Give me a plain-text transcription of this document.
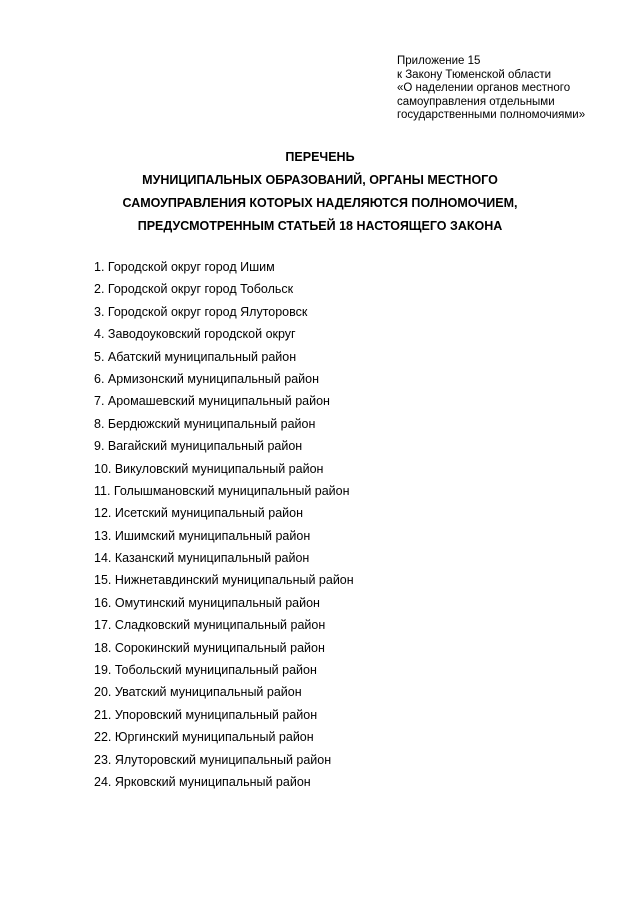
Приложение 15
к Закону Тюменской области
«О наделении органов местного
самоуправления отдельными
государственными полномочиями»
ПЕРЕЧЕНЬ
МУНИЦИПАЛЬНЫХ ОБРАЗОВАНИЙ, ОРГАНЫ МЕСТНОГО
САМОУПРАВЛЕНИЯ КОТОРЫХ НАДЕЛЯЮТСЯ ПОЛНОМОЧИЕМ,
ПРЕДУСМОТРЕННЫМ СТАТЬЕЙ 18 НАСТОЯЩЕГО ЗАКОНА
1. Городской округ город Ишим
2. Городской округ город Тобольск
3. Городской округ город Ялуторовск
4. Заводоуковский городской округ
5. Абатский муниципальный район
6. Армизонский муниципальный район
7. Аромашевский муниципальный район
8. Бердюжский муниципальный район
9. Вагайский муниципальный район
10. Викуловский муниципальный район
11. Голышмановский муниципальный район
12. Исетский муниципальный район
13. Ишимский муниципальный район
14. Казанский муниципальный район
15. Нижнетавдинский муниципальный район
16. Омутинский муниципальный район
17. Сладковский муниципальный район
18. Сорокинский муниципальный район
19. Тобольский муниципальный район
20. Уватский муниципальный район
21. Упоровский муниципальный район
22. Юргинский муниципальный район
23. Ялуторовский муниципальный район
24. Ярковский муниципальный район
